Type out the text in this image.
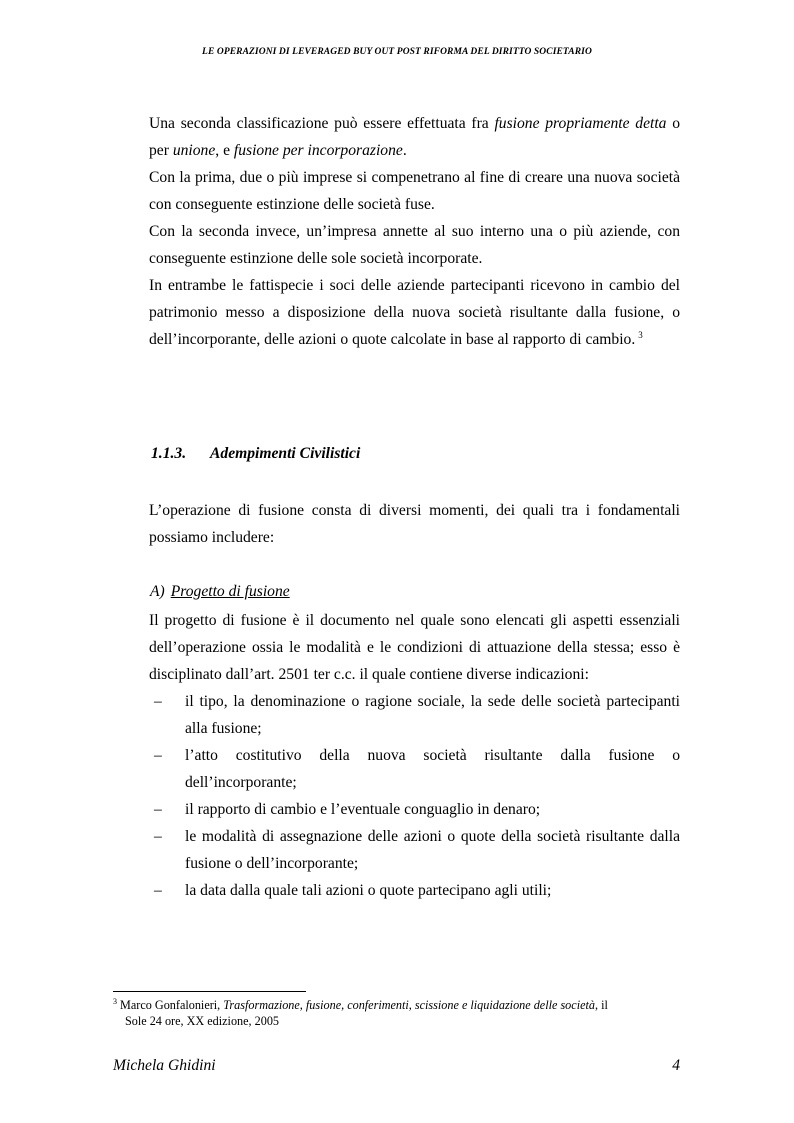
LE OPERAZIONI DI LEVERAGED BUY OUT POST RIFORMA DEL DIRITTO SOCIETARIO

Una seconda classificazione può essere effettuata fra fusione propriamente detta o per unione, e fusione per incorporazione.

Con la prima, due o più imprese si compenetrano al fine di creare una nuova società con conseguente estinzione delle società fuse.

Con la seconda invece, un’impresa annette al suo interno una o più aziende, con conseguente estinzione delle sole società incorporate.

In entrambe le fattispecie i soci delle aziende partecipanti ricevono in cambio del patrimonio messo a disposizione della nuova società risultante dalla fusione, o dell’incorporante, delle azioni o quote calcolate in base al rapporto di cambio. $^3$

1.1.3. Adempimenti Civilistici

L’operazione di fusione consta di diversi momenti, dei quali tra i fondamentali possiamo includere:

A) Progetto di fusione

Il progetto di fusione è il documento nel quale sono elencati gli aspetti essenziali dell’operazione ossia le modalità e le condizioni di attuazione della stessa; esso è disciplinato dall’art. 2501 ter c.c. il quale contiene diverse indicazioni:

– il tipo, la denominazione o ragione sociale, la sede delle società partecipanti alla fusione;
– l’atto costitutivo della nuova società risultante dalla fusione o dell’incorporante;
– il rapporto di cambio e l’eventuale conguaglio in denaro;
– le modalità di assegnazione delle azioni o quote della società risultante dalla fusione o dell’incorporante;
– la data dalla quale tali azioni o quote partecipano agli utili;
$^3$ Marco Gonfalonieri, Trasformazione, fusione, conferimenti, scissione e liquidazione delle società, il
Sole 24 ore, XX edizione, 2005
Michela Ghidini	4
